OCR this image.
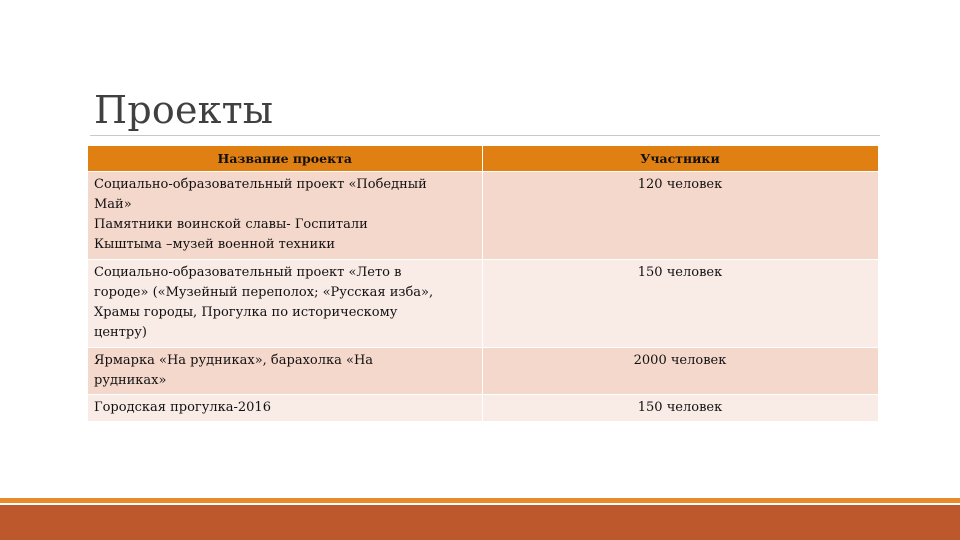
Проекты
Название проекта	Участники

Социально-образовательный проект «Победный
Май»
Памятники воинской славы- Госпитали
Кыштыма –музей военной техники	120 человек

Социально-образовательный проект «Лето в
городе» («Музейный переполох; «Русская изба»,
Храмы городы, Прогулка по историческому
центру)	150 человек

Ярмарка «На рудниках», барахолка «На
рудниках»	2000 человек

Городская прогулка-2016	150 человек
